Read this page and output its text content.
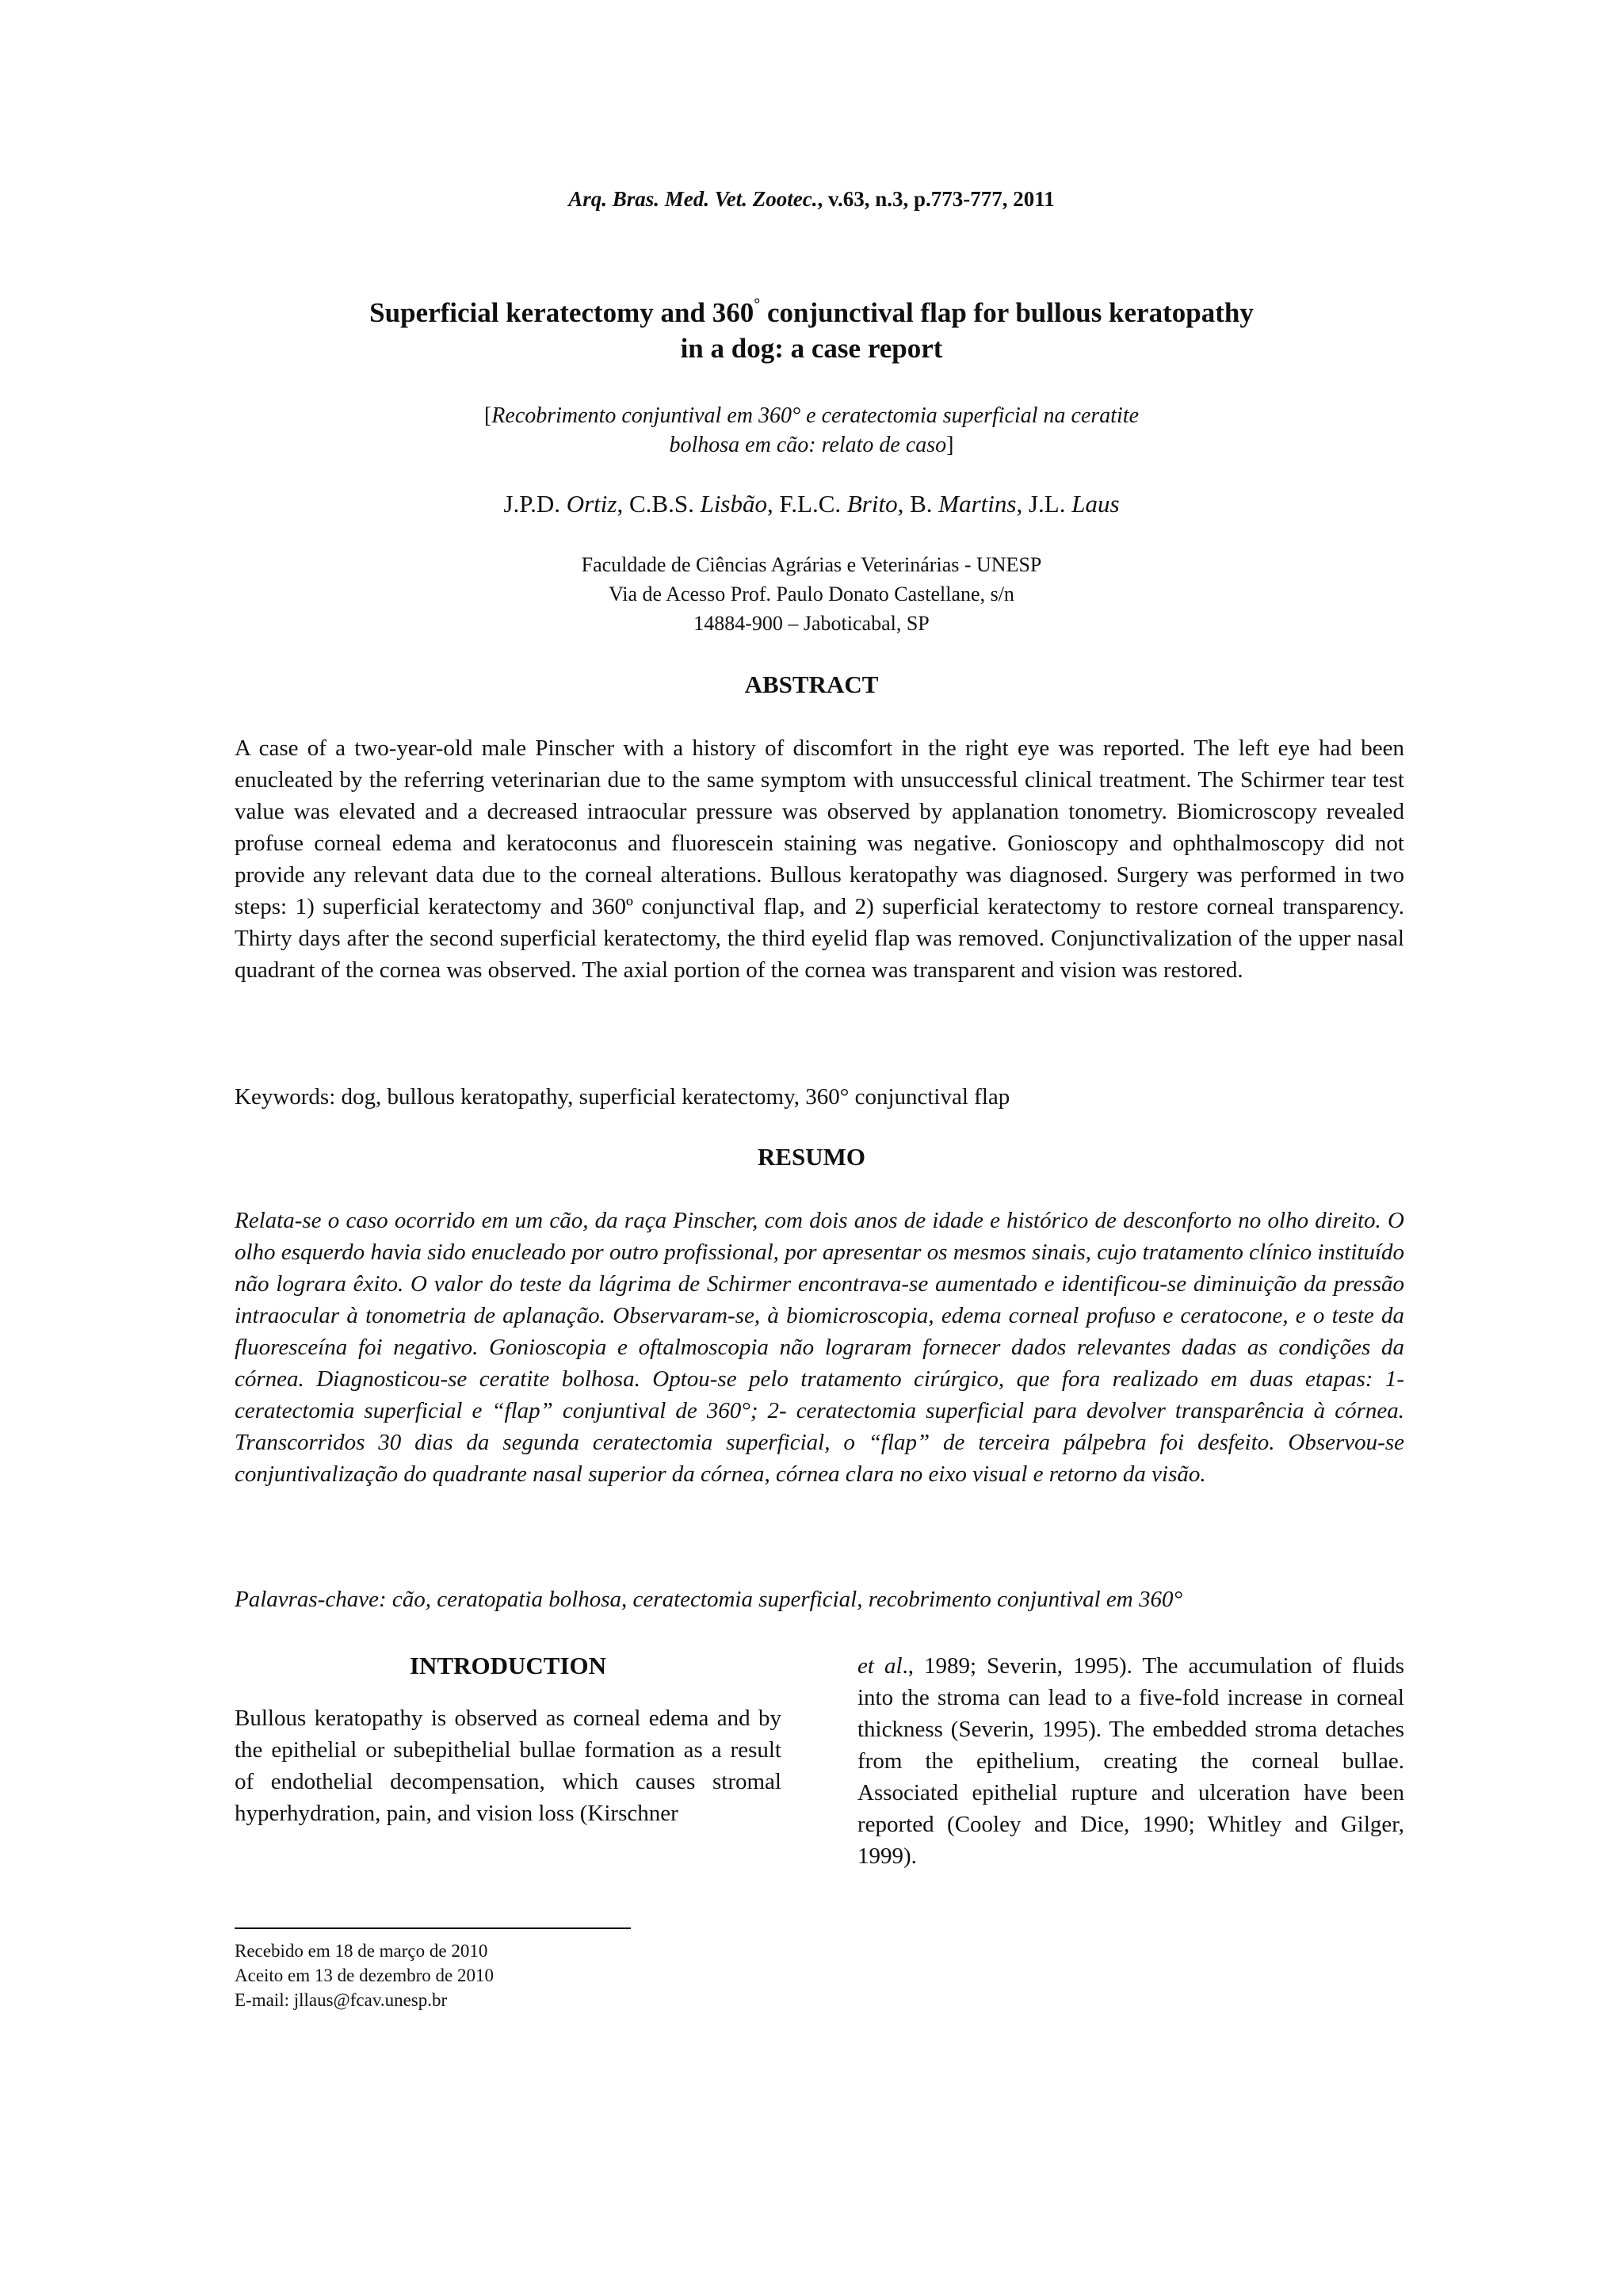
Arq. Bras. Med. Vet. Zootec., v.63, n.3, p.773-777, 2011
Superficial keratectomy and 360° conjunctival flap for bullous keratopathy
in a dog: a case report
[Recobrimento conjuntival em 360° e ceratectomia superficial na ceratite
bolhosa em cão: relato de caso]
J.P.D. Ortiz, C.B.S. Lisbão, F.L.C. Brito, B. Martins, J.L. Laus
Faculdade de Ciências Agrárias e Veterinárias - UNESP
Via de Acesso Prof. Paulo Donato Castellane, s/n
14884-900 – Jaboticabal, SP
ABSTRACT
A case of a two-year-old male Pinscher with a history of discomfort in the right eye was reported. The left eye had been enucleated by the referring veterinarian due to the same symptom with unsuccessful clinical treatment. The Schirmer tear test value was elevated and a decreased intraocular pressure was observed by applanation tonometry. Biomicroscopy revealed profuse corneal edema and keratoconus and fluorescein staining was negative. Gonioscopy and ophthalmoscopy did not provide any relevant data due to the corneal alterations. Bullous keratopathy was diagnosed. Surgery was performed in two steps: 1) superficial keratectomy and 360º conjunctival flap, and 2) superficial keratectomy to restore corneal transparency. Thirty days after the second superficial keratectomy, the third eyelid flap was removed. Conjunctivalization of the upper nasal quadrant of the cornea was observed. The axial portion of the cornea was transparent and vision was restored.
Keywords: dog, bullous keratopathy, superficial keratectomy, 360° conjunctival flap
RESUMO
Relata-se o caso ocorrido em um cão, da raça Pinscher, com dois anos de idade e histórico de desconforto no olho direito. O olho esquerdo havia sido enucleado por outro profissional, por apresentar os mesmos sinais, cujo tratamento clínico instituído não lograra êxito. O valor do teste da lágrima de Schirmer encontrava-se aumentado e identificou-se diminuição da pressão intraocular à tonometria de aplanação. Observaram-se, à biomicroscopia, edema corneal profuso e ceratocone, e o teste da fluoresceína foi negativo. Gonioscopia e oftalmoscopia não lograram fornecer dados relevantes dadas as condições da córnea. Diagnosticou-se ceratite bolhosa. Optou-se pelo tratamento cirúrgico, que fora realizado em duas etapas: 1- ceratectomia superficial e “flap” conjuntival de 360°; 2- ceratectomia superficial para devolver transparência à córnea. Transcorridos 30 dias da segunda ceratectomia superficial, o “flap” de terceira pálpebra foi desfeito. Observou-se conjuntivalização do quadrante nasal superior da córnea, córnea clara no eixo visual e retorno da visão.
Palavras-chave: cão, ceratopatia bolhosa, ceratectomia superficial, recobrimento conjuntival em 360°
INTRODUCTION
Bullous keratopathy is observed as corneal edema and by the epithelial or subepithelial bullae formation as a result of endothelial decompensation, which causes stromal hyperhydration, pain, and vision loss (Kirschner
et al., 1989; Severin, 1995). The accumulation of fluids into the stroma can lead to a five-fold increase in corneal thickness (Severin, 1995). The embedded stroma detaches from the epithelium, creating the corneal bullae. Associated epithelial rupture and ulceration have been reported (Cooley and Dice, 1990; Whitley and Gilger, 1999).
Recebido em 18 de março de 2010
Aceito em 13 de dezembro de 2010
E-mail: jllaus@fcav.unesp.br
